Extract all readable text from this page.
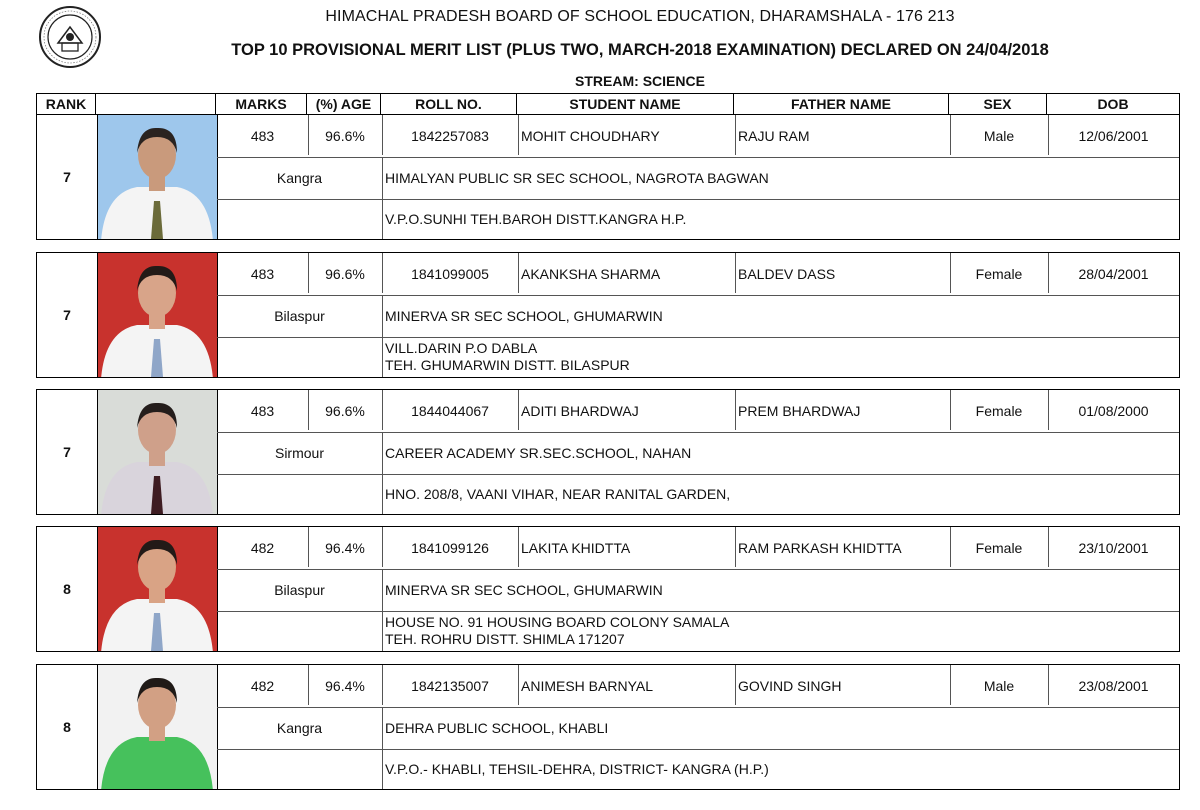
HIMACHAL PRADESH BOARD OF SCHOOL EDUCATION, DHARAMSHALA - 176 213
TOP 10 PROVISIONAL MERIT LIST (PLUS TWO, MARCH-2018 EXAMINATION) DECLARED ON 24/04/2018
STREAM: SCIENCE
RANK	MARKS	(%) AGE	ROLL NO.	STUDENT NAME	FATHER NAME	SEX	DOB
7
483	96.6%	1842257083	MOHIT CHOUDHARY	RAJU RAM	Male	12/06/2001
Kangra	HIMALYAN PUBLIC SR SEC SCHOOL, NAGROTA BAGWAN
V.P.O.SUNHI TEH.BAROH DISTT.KANGRA H.P.
7
483	96.6%	1841099005	AKANKSHA SHARMA	BALDEV DASS	Female	28/04/2001
Bilaspur	MINERVA SR SEC SCHOOL, GHUMARWIN
VILL.DARIN P.O DABLA
TEH. GHUMARWIN DISTT. BILASPUR
7
483	96.6%	1844044067	ADITI BHARDWAJ	PREM BHARDWAJ	Female	01/08/2000
Sirmour	CAREER ACADEMY SR.SEC.SCHOOL, NAHAN
HNO. 208/8, VAANI VIHAR, NEAR RANITAL GARDEN,
8
482	96.4%	1841099126	LAKITA KHIDTTA	RAM PARKASH KHIDTTA	Female	23/10/2001
Bilaspur	MINERVA SR SEC SCHOOL, GHUMARWIN
HOUSE NO. 91 HOUSING BOARD COLONY SAMALA
TEH. ROHRU DISTT. SHIMLA 171207
8
482	96.4%	1842135007	ANIMESH BARNYAL	GOVIND SINGH	Male	23/08/2001
Kangra	DEHRA PUBLIC SCHOOL, KHABLI
V.P.O.- KHABLI, TEHSIL-DEHRA, DISTRICT- KANGRA (H.P.)
